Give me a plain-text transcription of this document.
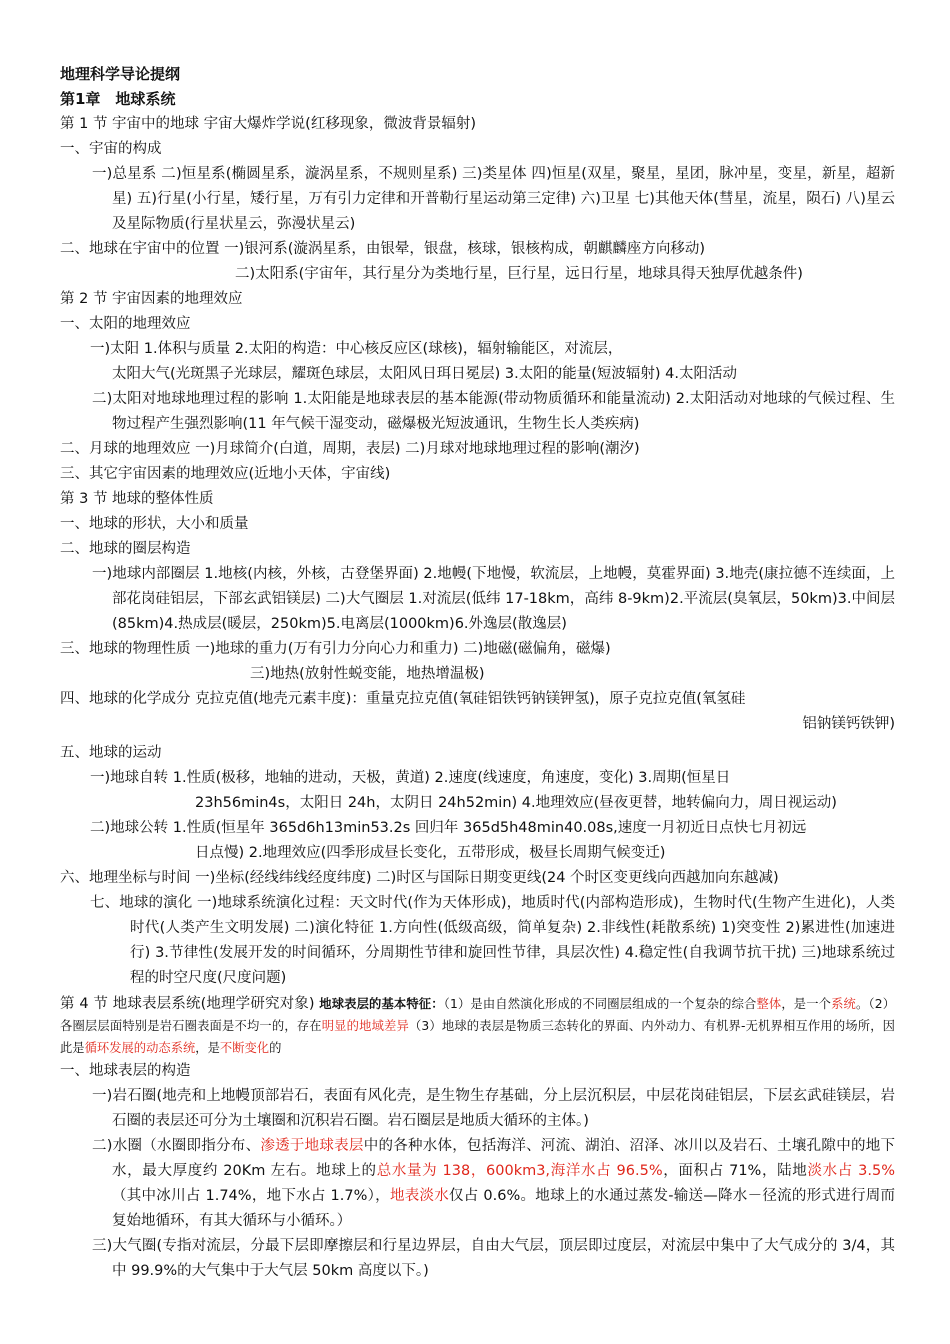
地理科学导论提纲
第1章　地球系统
第 1 节 宇宙中的地球 宇宙大爆炸学说(红移现象，微波背景辐射)
一、宇宙的构成
一)总星系 二)恒星系(椭圆星系，漩涡星系，不规则星系) 三)类星体 四)恒星(双星，聚星，星团，脉冲星，变星，新星，超新星) 五)行星(小行星，矮行星，万有引力定律和开普勒行星运动第三定律) 六)卫星 七)其他天体(彗星，流星，陨石) 八)星云及星际物质(行星状星云，弥漫状星云)
二、地球在宇宙中的位置 一)银河系(漩涡星系，由银晕，银盘，核球，银核构成，朝麒麟座方向移动)
二)太阳系(宇宙年，其行星分为类地行星，巨行星，远日行星，地球具得天独厚优越条件)
第 2 节 宇宙因素的地理效应
一、太阳的地理效应
一)太阳 1.体积与质量 2.太阳的构造：中心核反应区(球核)，辐射输能区，对流层，
太阳大气(光斑黑子光球层，耀斑色球层，太阳风日珥日冕层) 3.太阳的能量(短波辐射) 4.太阳活动
二)太阳对地球地理过程的影响 1.太阳能是地球表层的基本能源(带动物质循环和能量流动) 2.太阳活动对地球的气候过程、生物过程产生强烈影响(11 年气候干湿变动，磁爆极光短波通讯，生物生长人类疾病)
二、月球的地理效应 一)月球简介(白道，周期，表层) 二)月球对地球地理过程的影响(潮汐)
三、其它宇宙因素的地理效应(近地小天体，宇宙线)
第 3 节 地球的整体性质
一、地球的形状，大小和质量
二、地球的圈层构造
一)地球内部圈层 1.地核(内核，外核，古登堡界面) 2.地幔(下地慢，软流层，上地幔，莫霍界面) 3.地壳(康拉德不连续面，上部花岗硅铝层，下部玄武铝镁层) 二)大气圈层 1.对流层(低纬 17-18km，高纬 8-9km)2.平流层(臭氧层，50km)3.中间层(85km)4.热成层(暖层，250km)5.电离层(1000km)6.外逸层(散逸层)
三、地球的物理性质 一)地球的重力(万有引力分向心力和重力) 二)地磁(磁偏角，磁爆)
三)地热(放射性蜕变能，地热增温极)
四、地球的化学成分 克拉克值(地壳元素丰度)：重量克拉克值(氧硅铝铁钙钠镁钾氢)，原子克拉克值(氧氢硅
铝钠镁钙铁钾)
五、地球的运动
一)地球自转 1.性质(极移，地轴的进动，天极，黄道) 2.速度(线速度，角速度，变化) 3.周期(恒星日
23h56min4s，太阳日 24h，太阴日 24h52min) 4.地理效应(昼夜更替，地转偏向力，周日视运动)
二)地球公转 1.性质(恒星年 365d6h13min53.2s 回归年 365d5h48min40.08s,速度一月初近日点快七月初远
日点慢) 2.地理效应(四季形成昼长变化，五带形成，极昼长周期气候变迁)
六、地理坐标与时间 一)坐标(经线纬线经度纬度) 二)时区与国际日期变更线(24 个时区变更线向西越加向东越减)
七、地球的演化 一)地球系统演化过程：天文时代(作为天体形成)，地质时代(内部构造形成)，生物时代(生物产生进化)，人类时代(人类产生文明发展) 二)演化特征 1.方向性(低级高级，简单复杂) 2.非线性(耗散系统) 1)突变性 2)累进性(加速进行) 3.节律性(发展开发的时间循环，分周期性节律和旋回性节律，具层次性) 4.稳定性(自我调节抗干扰) 三)地球系统过程的时空尺度(尺度问题)
第 4 节 地球表层系统(地理学研究对象) 地球表层的基本特征：（1）是由自然演化形成的不同圈层组成的一个复杂的综合整体，是一个系统。（2）各圈层层面特别是岩石圈表面是不均一的，存在明显的地域差异（3）地球的表层是物质三态转化的界面、内外动力、有机界-无机界相互作用的场所，因此是循环发展的动态系统，是不断变化的
一、地球表层的构造
一)岩石圈(地壳和上地幔顶部岩石，表面有风化壳，是生物生存基础，分上层沉积层，中层花岗硅铝层，下层玄武硅镁层，岩石圈的表层还可分为土壤圈和沉积岩石圈。岩石圈层是地质大循环的主体。)
二)水圈（水圈即指分布、渗透于地球表层中的各种水体，包括海洋、河流、湖泊、沼泽、冰川以及岩石、土壤孔隙中的地下水，最大厚度约 20Km 左右。地球上的总水量为 138，600km3,海洋水占 96.5%，面积占 71%，陆地淡水占 3.5%（其中冰川占 1.74%，地下水占 1.7%），地表淡水仅占 0.6%。地球上的水通过蒸发-输送—降水－径流的形式进行周而复始地循环，有其大循环与小循环。）
三)大气圈(专指对流层，分最下层即摩擦层和行星边界层，自由大气层，顶层即过度层，对流层中集中了大气成分的 3/4，其中 99.9%的大气集中于大气层 50km 高度以下。)
